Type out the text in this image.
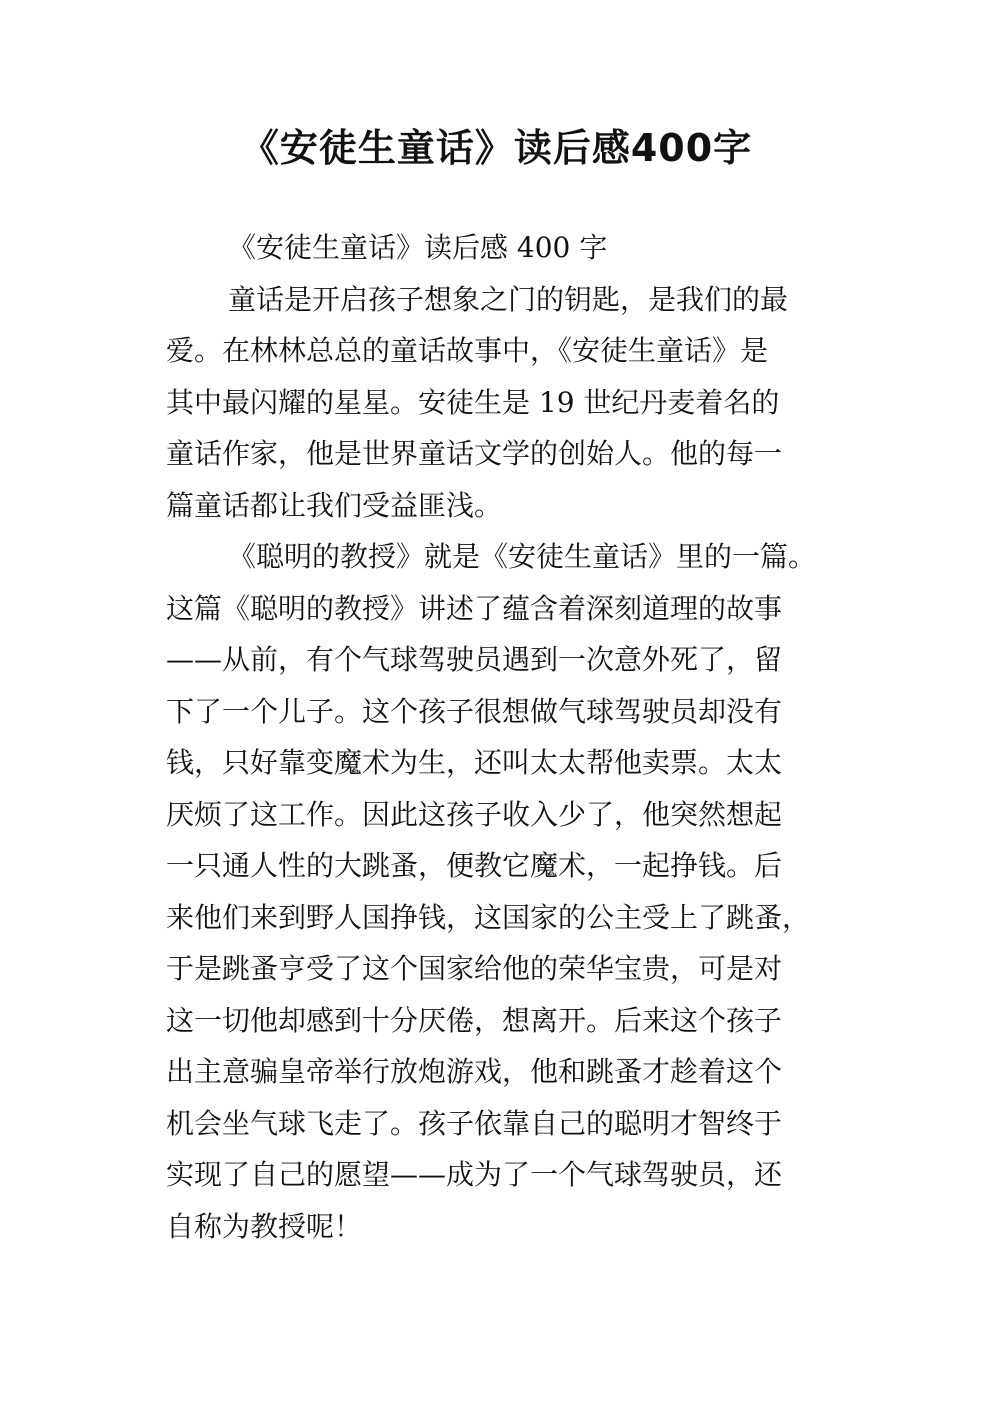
《安徒生童话》读后感400字

《安徒生童话》读后感 400 字

童话是开启孩子想象之门的钥匙，是我们的最
爱。在林林总总的童话故事中，《安徒生童话》是
其中最闪耀的星星。安徒生是 19 世纪丹麦着名的
童话作家，他是世界童话文学的创始人。他的每一
篇童话都让我们受益匪浅。

《聪明的教授》就是《安徒生童话》里的一篇。
这篇《聪明的教授》讲述了蕴含着深刻道理的故事
——从前，有个气球驾驶员遇到一次意外死了，留
下了一个儿子。这个孩子很想做气球驾驶员却没有
钱，只好靠变魔术为生，还叫太太帮他卖票。太太
厌烦了这工作。因此这孩子收入少了，他突然想起
一只通人性的大跳蚤，便教它魔术，一起挣钱。后
来他们来到野人国挣钱，这国家的公主受上了跳蚤，
于是跳蚤亨受了这个国家给他的荣华宝贵，可是对
这一切他却感到十分厌倦，想离开。后来这个孩子
出主意骗皇帝举行放炮游戏，他和跳蚤才趁着这个
机会坐气球飞走了。孩子依靠自己的聪明才智终于
实现了自己的愿望——成为了一个气球驾驶员，还
自称为教授呢！
